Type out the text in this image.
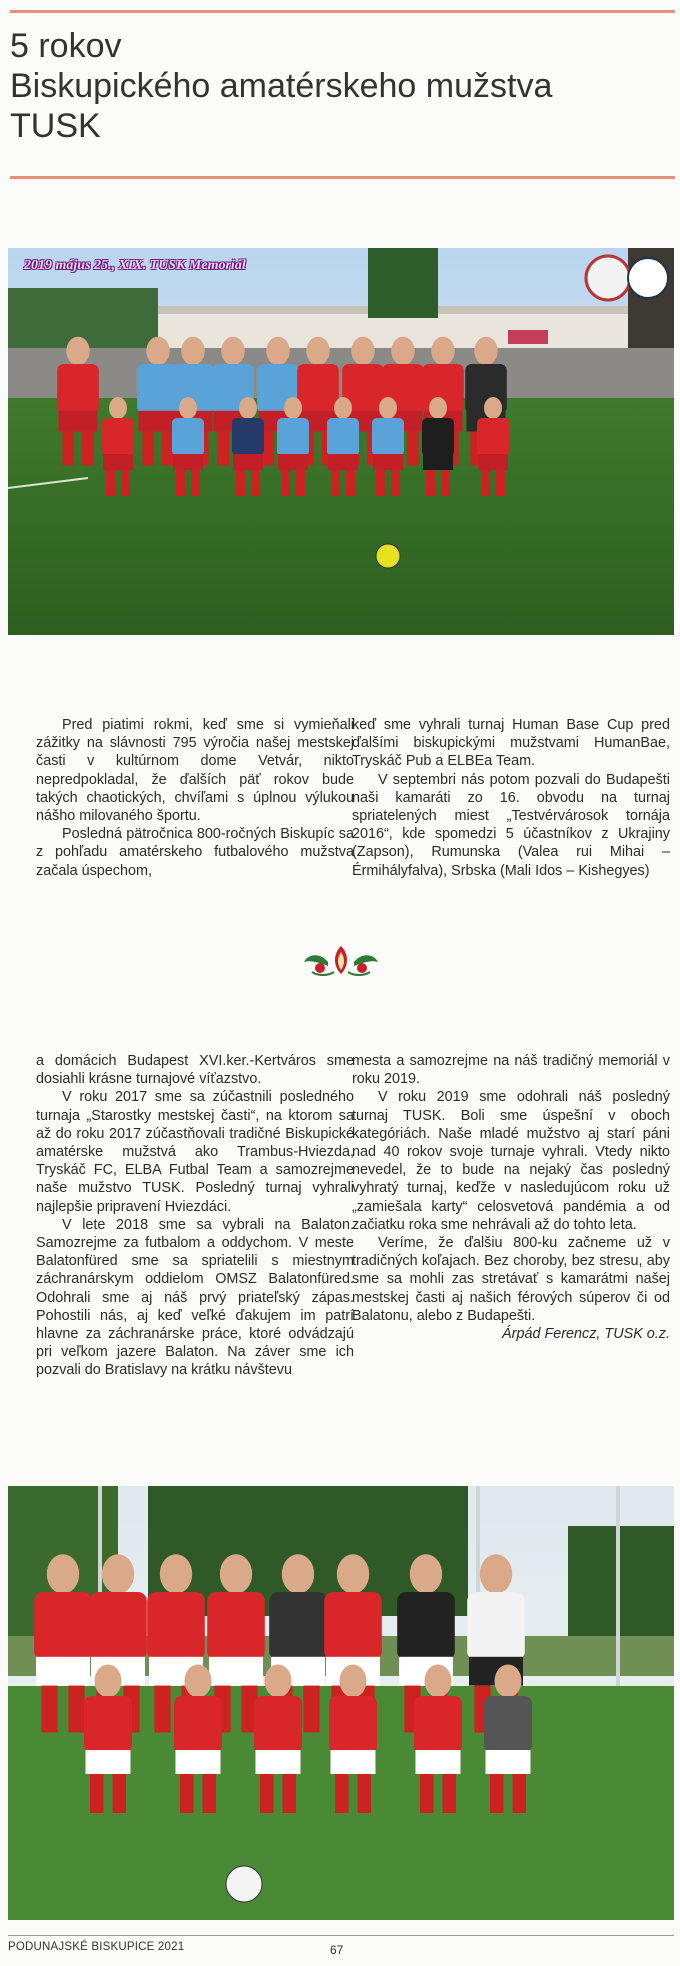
5 rokov
Biskupického amatérskeho mužstva
TUSK
2019 május 25., XIX. TUSK Memoriál

Pred piatimi rokmi, keď sme si vymieňali zážitky na slávnosti 795 výročia našej mestskej časti v kultúrnom dome Vetvár, nikto nepredpokladal, že ďalších päť rokov bude takých chaotických, chvíľami s úplnou výlukou nášho milovaného športu.

Posledná pätročnica 800-ročných Biskupíc sa z pohľadu amatérskeho futbalového mužstva začala úspechom,

keď sme vyhrali turnaj Human Base Cup pred ďalšími biskupickými mužstvami HumanBae, Tryskáč Pub a ELBEa Team.

V septembri nás potom pozvali do Budapešti naši kamaráti zo 16. obvodu na turnaj spriatelených miest „Testvérvárosok tornája 2016“, kde spomedzi 5 účastníkov z Ukrajiny (Zapson), Rumunska (Valea rui Mihai – Érmihályfalva), Srbska (Mali Idos – Kishegyes)

a domácich Budapest XVI.ker.-Kertváros sme dosiahli krásne turnajové víťazstvo.

V roku 2017 sme sa zúčastnili posledného turnaja „Starostky mestskej časti“, na ktorom sa až do roku 2017 zúčastňovali tradičné Biskupické amatérske mužstvá ako Trambus-Hviezda, Tryskáč FC, ELBA Futbal Team a samozrejme naše mužstvo TUSK. Posledný turnaj vyhrali najlepšie pripravení Hviezdáci.

V lete 2018 sme sa vybrali na Balaton. Samozrejme za futbalom a oddychom. V meste Balatonfüred sme sa spriatelili s miestnym záchranárskym oddielom OMSZ Balatonfüred. Odohrali sme aj náš prvý priateľský zápas. Pohostili nás, aj keď veľké ďakujem im patrí hlavne za záchranárske práce, ktoré odvádzajú pri veľkom jazere Balaton. Na záver sme ich pozvali do Bratislavy na krátku návštevu

mesta a samozrejme na náš tradičný memoriál v roku 2019.

V roku 2019 sme odohrali náš posledný turnaj TUSK. Boli sme úspešní v oboch kategóriách. Naše mladé mužstvo aj starí páni nad 40 rokov svoje turnaje vyhrali. Vtedy nikto nevedel, že to bude na nejaký čas posledný vyhratý turnaj, keďže v nasledujúcom roku už „zamiešala karty“ celosvetová pandémia a od začiatku roka sme nehrávali až do tohto leta.

Veríme, že ďalšiu 800-ku začneme už v tradičných koľajach. Bez choroby, bez stresu, aby sme sa mohli zas stretávať s kamarátmi našej mestskej časti aj našich férových súperov či od Balatonu, alebo z Budapešti.

Árpád Ferencz, TUSK o.z.

PODUNAJSKÉ BISKUPICE 2021	67
